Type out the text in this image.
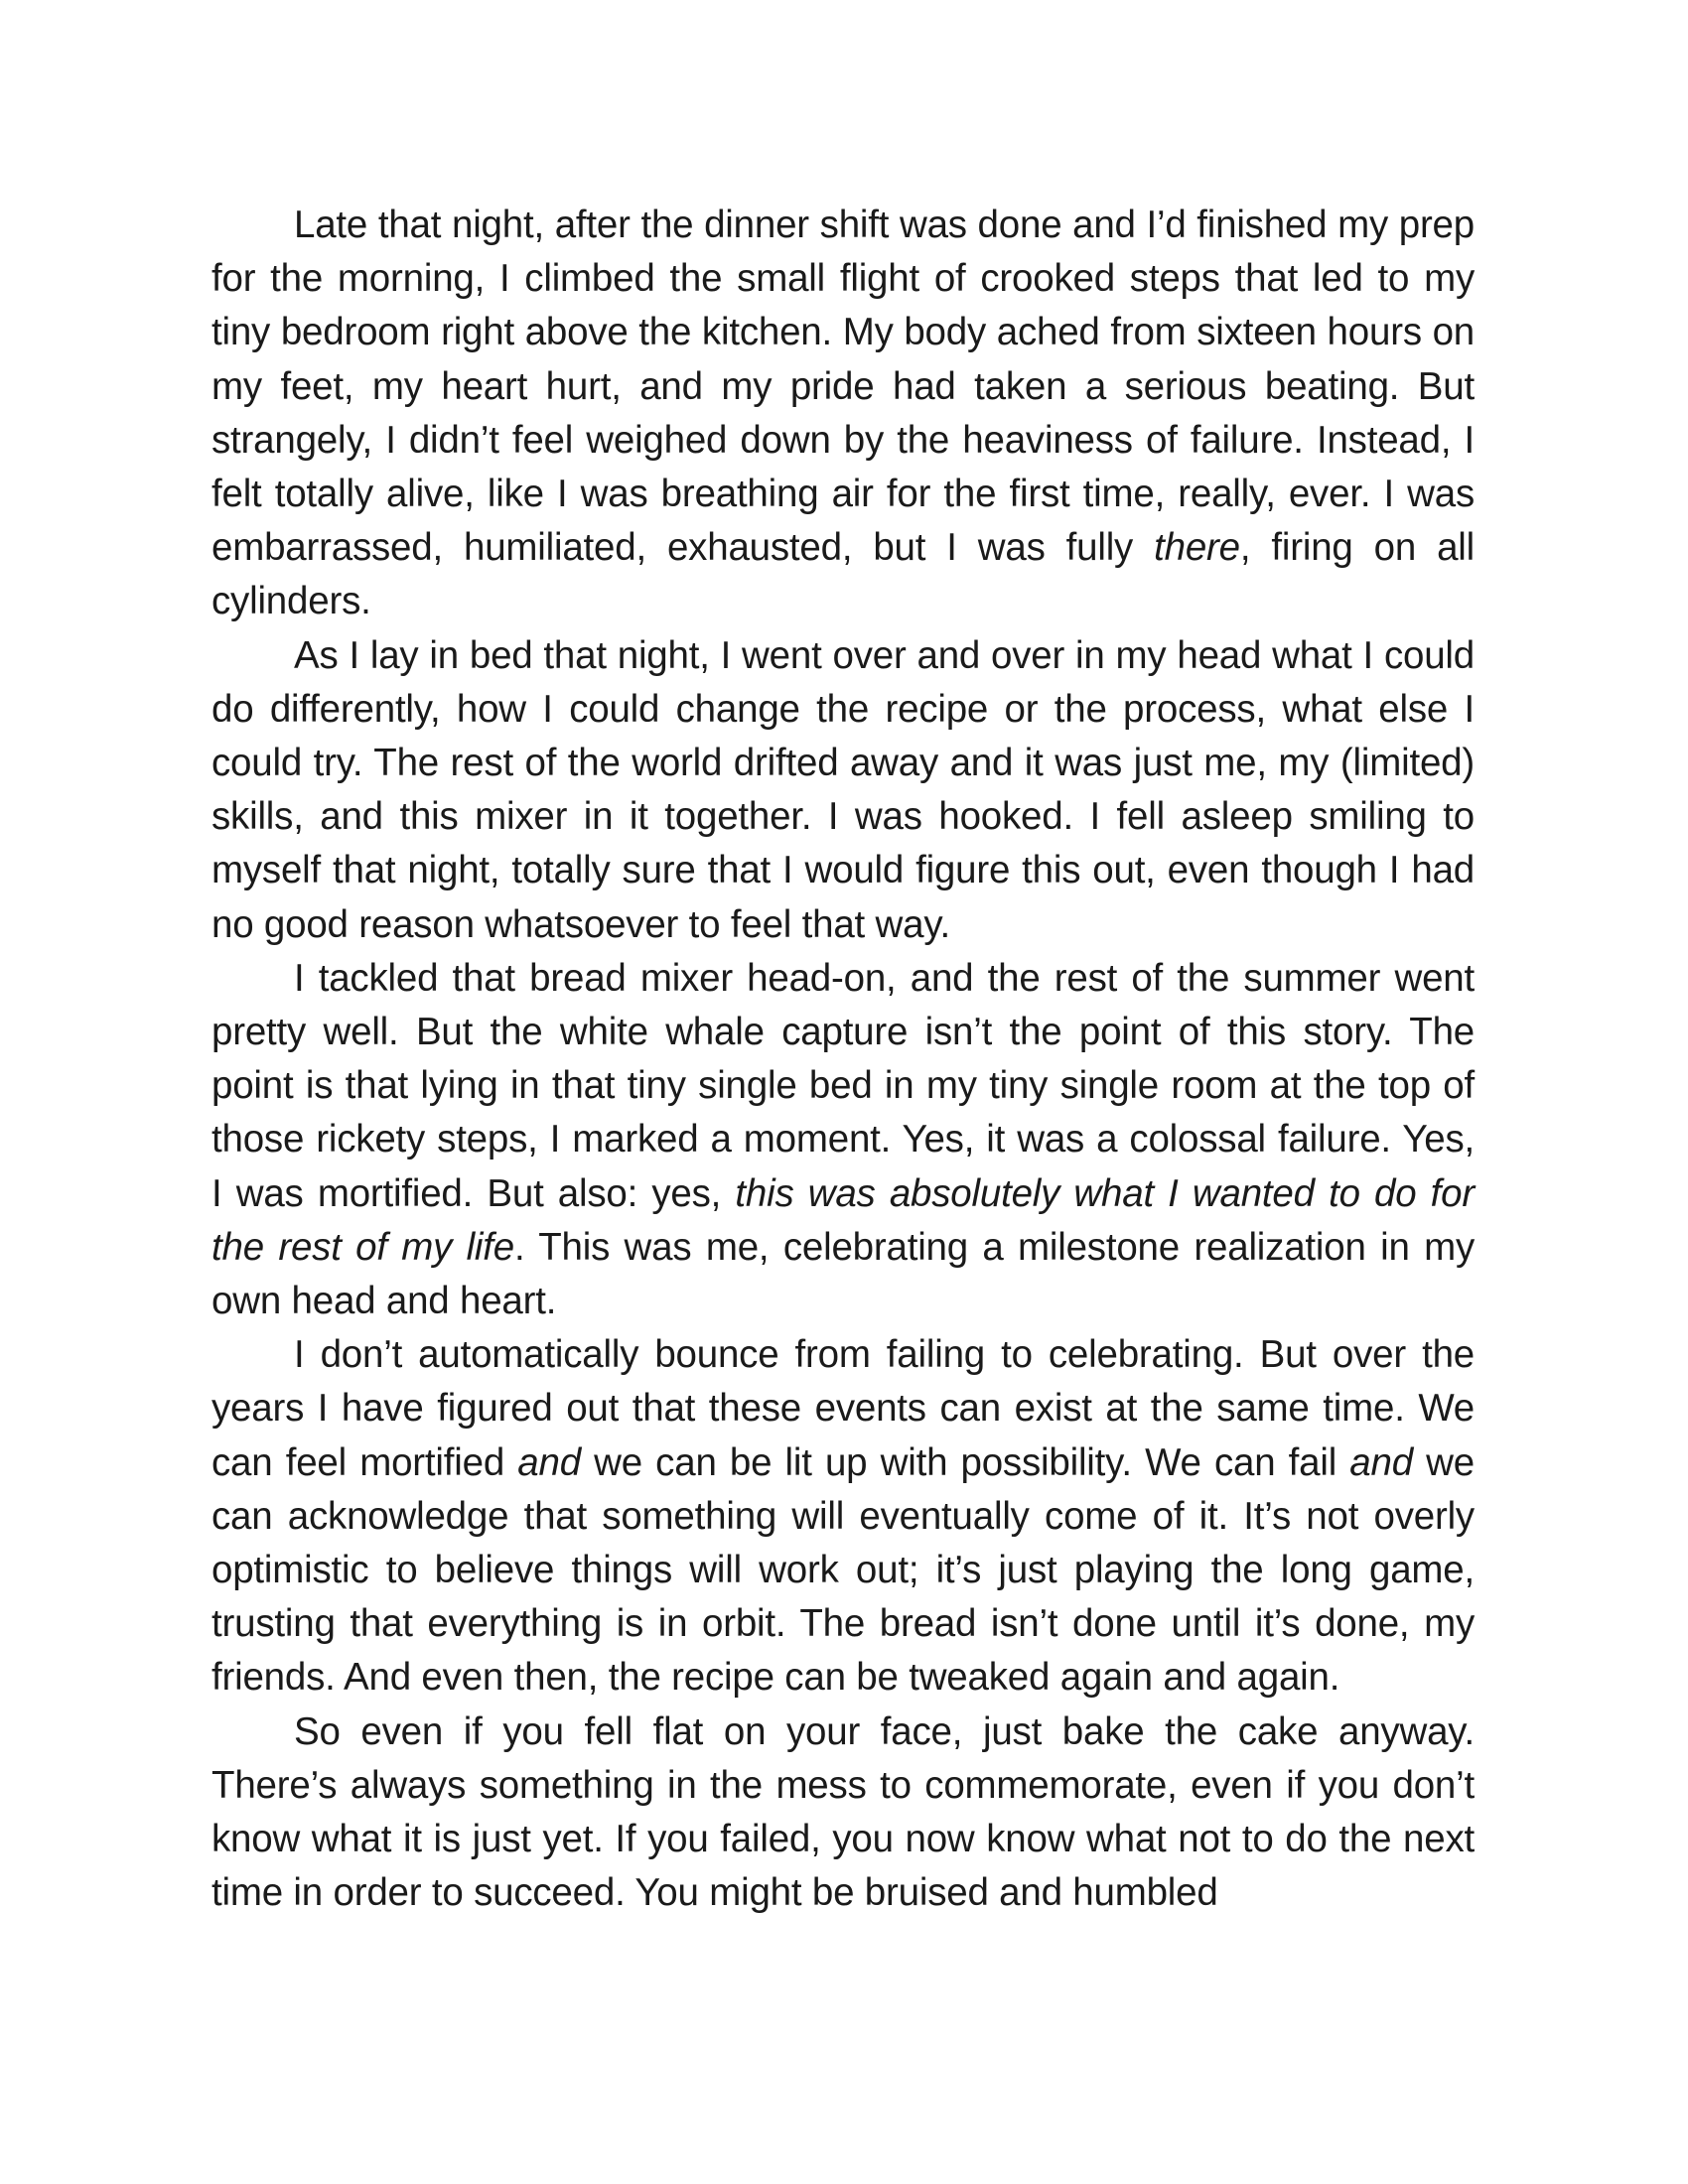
Late that night, after the dinner shift was done and I’d finished my prep for the morning, I climbed the small flight of crooked steps that led to my tiny bedroom right above the kitchen. My body ached from sixteen hours on my feet, my heart hurt, and my pride had taken a serious beating. But strangely, I didn’t feel weighed down by the heaviness of failure. Instead, I felt totally alive, like I was breathing air for the first time, really, ever. I was embarrassed, humiliated, exhausted, but I was fully there, firing on all cylinders.

As I lay in bed that night, I went over and over in my head what I could do differently, how I could change the recipe or the process, what else I could try. The rest of the world drifted away and it was just me, my (limited) skills, and this mixer in it together. I was hooked. I fell asleep smiling to myself that night, totally sure that I would figure this out, even though I had no good reason whatsoever to feel that way.

I tackled that bread mixer head-on, and the rest of the summer went pretty well. But the white whale capture isn’t the point of this story. The point is that lying in that tiny single bed in my tiny single room at the top of those rickety steps, I marked a moment. Yes, it was a colossal failure. Yes, I was mortified. But also: yes, this was absolutely what I wanted to do for the rest of my life. This was me, celebrating a milestone realization in my own head and heart.

I don’t automatically bounce from failing to celebrating. But over the years I have figured out that these events can exist at the same time. We can feel mortified and we can be lit up with possibility. We can fail and we can acknowledge that something will eventually come of it. It’s not overly optimistic to believe things will work out; it’s just playing the long game, trusting that everything is in orbit. The bread isn’t done until it’s done, my friends. And even then, the recipe can be tweaked again and again.

So even if you fell flat on your face, just bake the cake anyway. There’s always something in the mess to commemorate, even if you don’t know what it is just yet. If you failed, you now know what not to do the next time in order to succeed. You might be bruised and humbled
